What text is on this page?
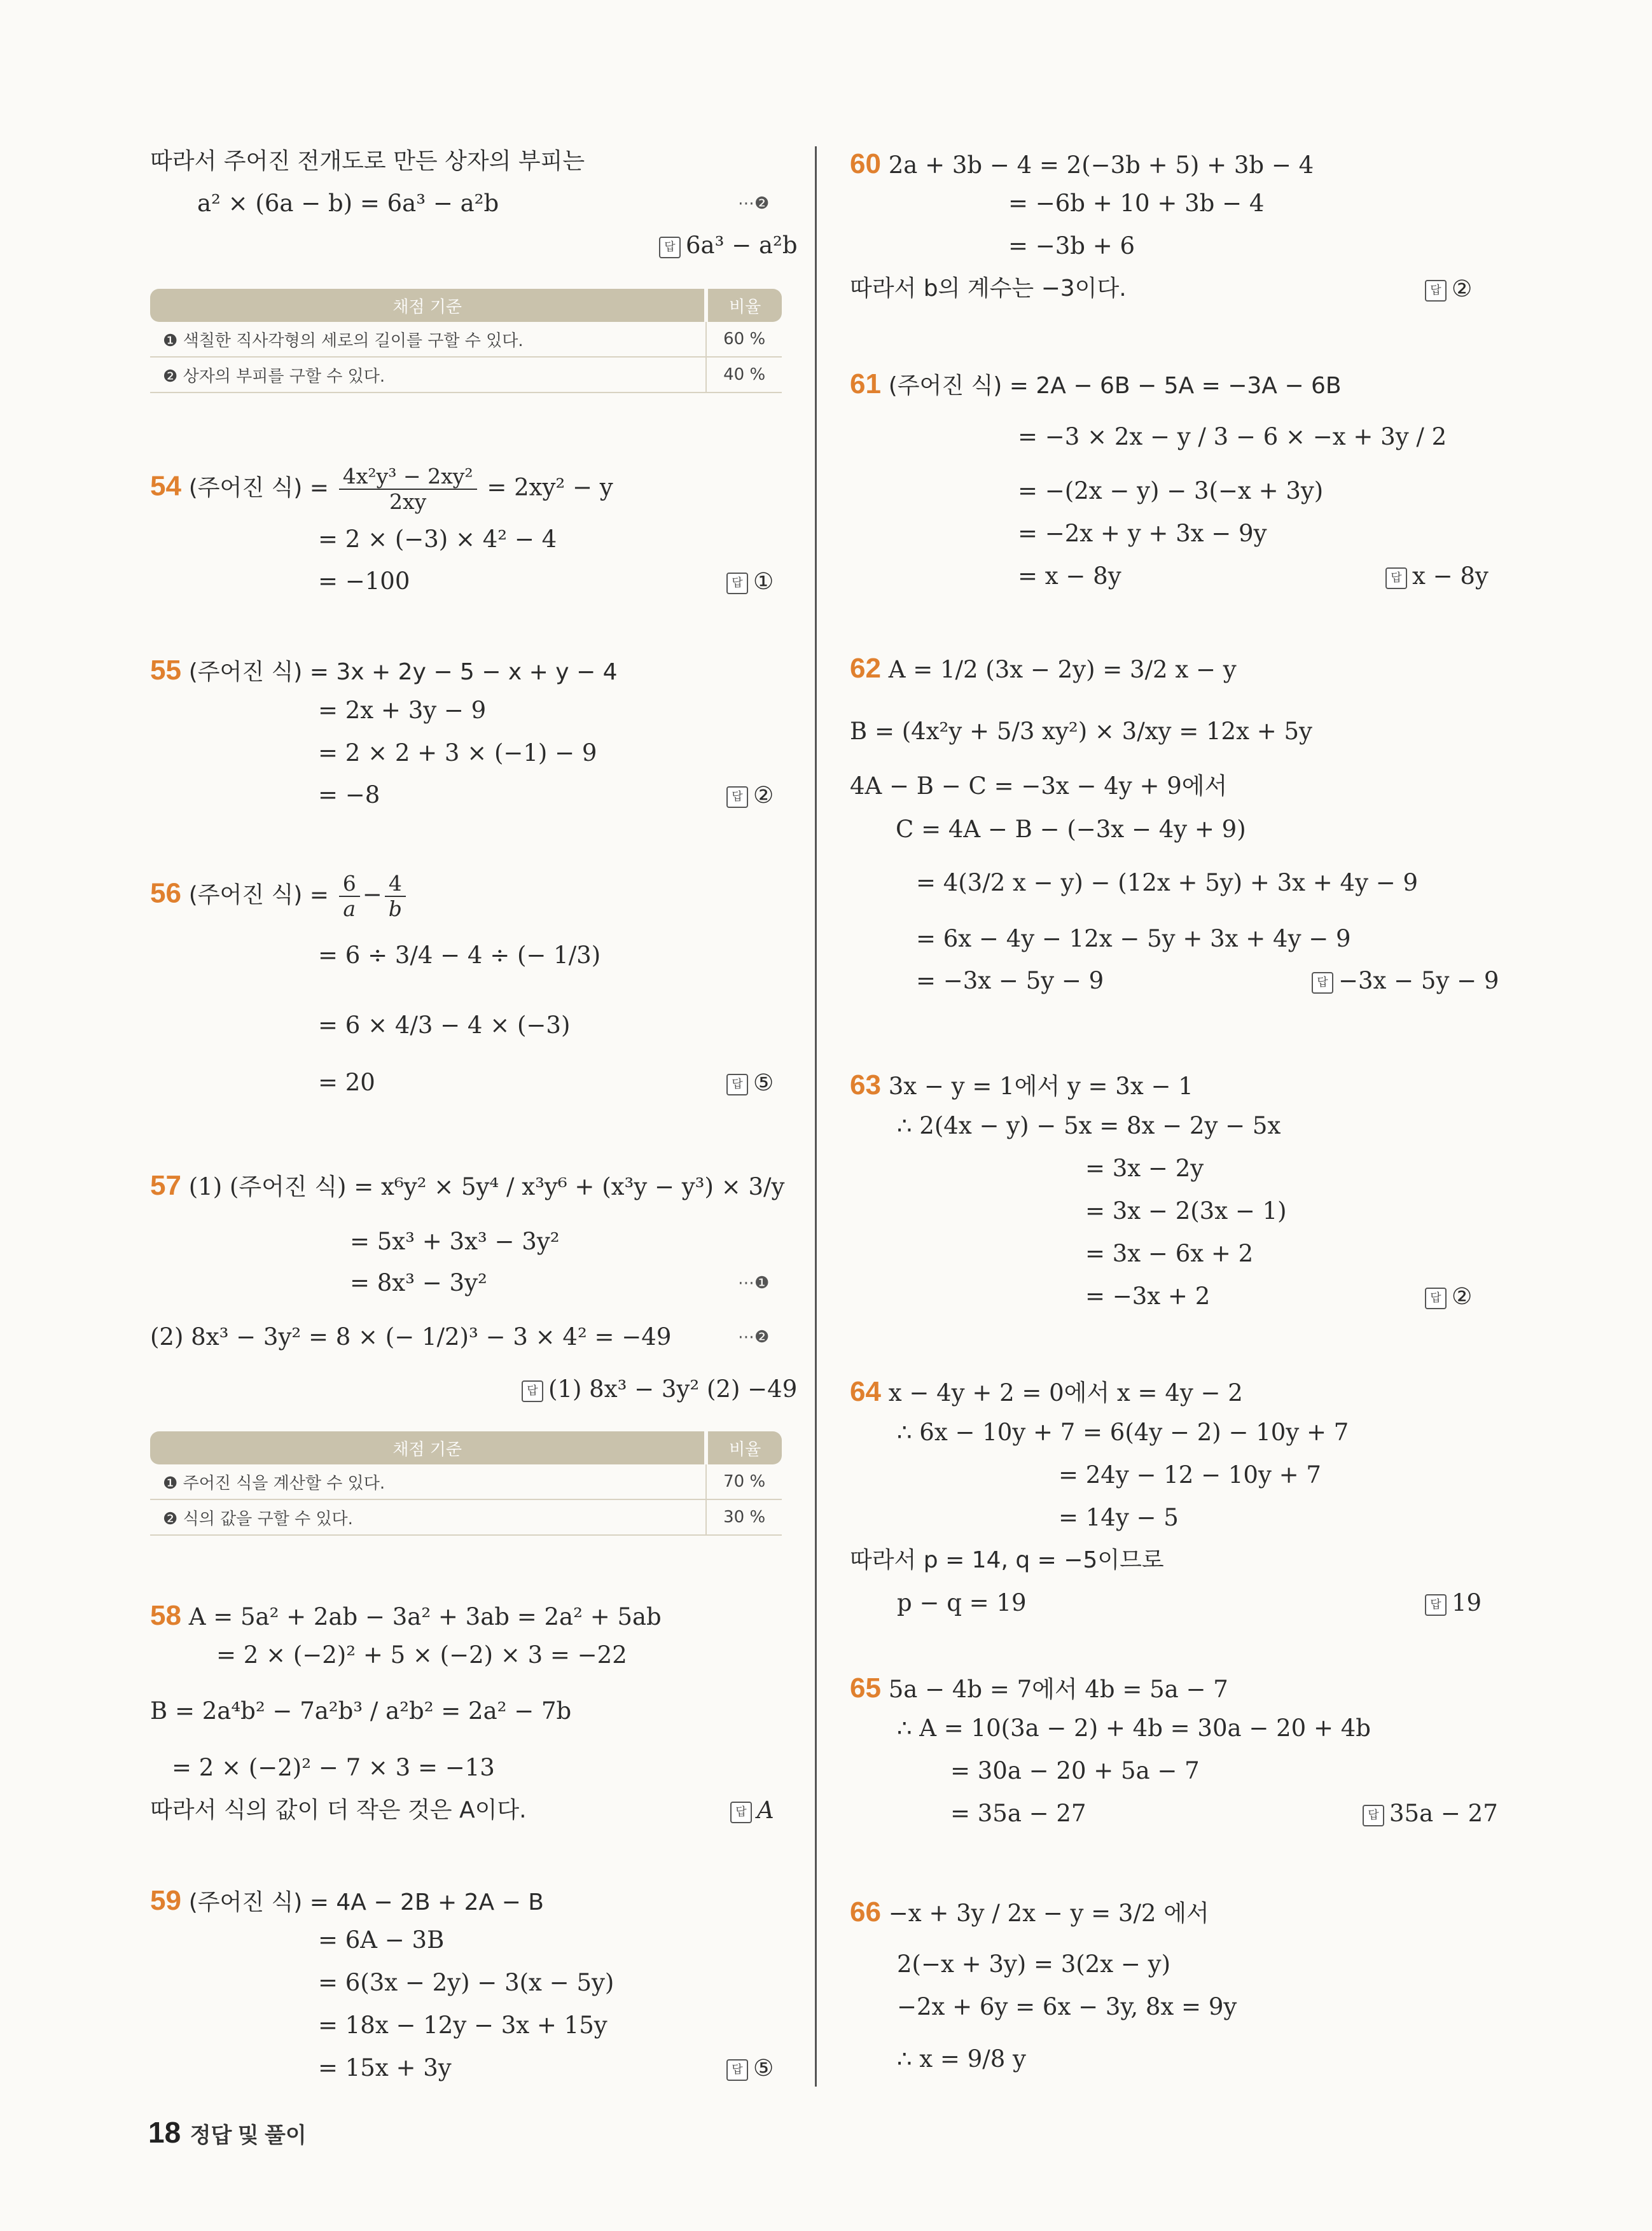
따라서 주어진 전개도로 만든 상자의 부피는
a² × (6a − b) = 6a³ − a²b	⋯❷
답 6a³ − a²b
채점 기준	비율
❶ 색칠한 직사각형의 세로의 길이를 구할 수 있다.	60 %
❷ 상자의 부피를 구할 수 있다.	40 %
54 (주어진 식) = $\frac{\text{4x²y³ − 2xy²}}{2xy} = 2xy^2 - y$
= 2 × (−3) × 4² − 4
= −100	답 ①
55 (주어진 식) = 3x + 2y − 5 − x + y − 4
= 2x + 3y − 9
= 2 × 2 + 3 × (−1) − 9
= −8	답 ②
56 (주어진 식) = $\frac{6}{a} - \frac{4}{b}$
= 6 ÷ 3/4 − 4 ÷ (− 1/3)
= 6 × 4/3 − 4 × (−3)
= 20	답 ⑤
57 (1) (주어진 식) = x⁶y² × 5y⁴ / x³y⁶ + (x³y − y³) × 3/y
= 5x³ + 3x³ − 3y²
= 8x³ − 3y²	⋯❶
(2) 8x³ − 3y² = 8 × (− 1/2)³ − 3 × 4² = −49	⋯❷
답 (1) 8x³ − 3y² (2) −49
채점 기준	비율
❶ 주어진 식을 계산할 수 있다.	70 %
❷ 식의 값을 구할 수 있다.	30 %
58 A = 5a² + 2ab − 3a² + 3ab = 2a² + 5ab
= 2 × (−2)² + 5 × (−2) × 3 = −22
B = 2a⁴b² − 7a²b³ / a²b² = 2a² − 7b
= 2 × (−2)² − 7 × 3 = −13
따라서 식의 값이 더 작은 것은 A이다.	답 A
59 (주어진 식) = 4A − 2B + 2A − B
= 6A − 3B
= 6(3x − 2y) − 3(x − 5y)
= 18x − 12y − 3x + 15y
= 15x + 3y	답 ⑤
60 2a + 3b − 4 = 2(−3b + 5) + 3b − 4
= −6b + 10 + 3b − 4
= −3b + 6
따라서 b의 계수는 −3이다.	답 ②
61 (주어진 식) = 2A − 6B − 5A = −3A − 6B
= −3 × 2x − y / 3 − 6 × −x + 3y / 2
= −(2x − y) − 3(−x + 3y)
= −2x + y + 3x − 9y
= x − 8y	답 x − 8y
62 A = 1/2 (3x − 2y) = 3/2 x − y
B = (4x²y + 5/3 xy²) × 3/xy = 12x + 5y
4A − B − C = −3x − 4y + 9에서
C = 4A − B − (−3x − 4y + 9)
= 4(3/2 x − y) − (12x + 5y) + 3x + 4y − 9
= 6x − 4y − 12x − 5y + 3x + 4y − 9
= −3x − 5y − 9	답 −3x − 5y − 9
63 3x − y = 1에서 y = 3x − 1
∴ 2(4x − y) − 5x = 8x − 2y − 5x
= 3x − 2y
= 3x − 2(3x − 1)
= 3x − 6x + 2
= −3x + 2	답 ②
64 x − 4y + 2 = 0에서 x = 4y − 2
∴ 6x − 10y + 7 = 6(4y − 2) − 10y + 7
= 24y − 12 − 10y + 7
= 14y − 5
따라서 p = 14, q = −5이므로
p − q = 19	답 19
65 5a − 4b = 7에서 4b = 5a − 7
∴ A = 10(3a − 2) + 4b = 30a − 20 + 4b
= 30a − 20 + 5a − 7
= 35a − 27	답 35a − 27
66 −x + 3y / 2x − y = 3/2 에서
2(−x + 3y) = 3(2x − y)
−2x + 6y = 6x − 3y, 8x = 9y
∴ x = 9/8 y
18 정답 및 풀이
